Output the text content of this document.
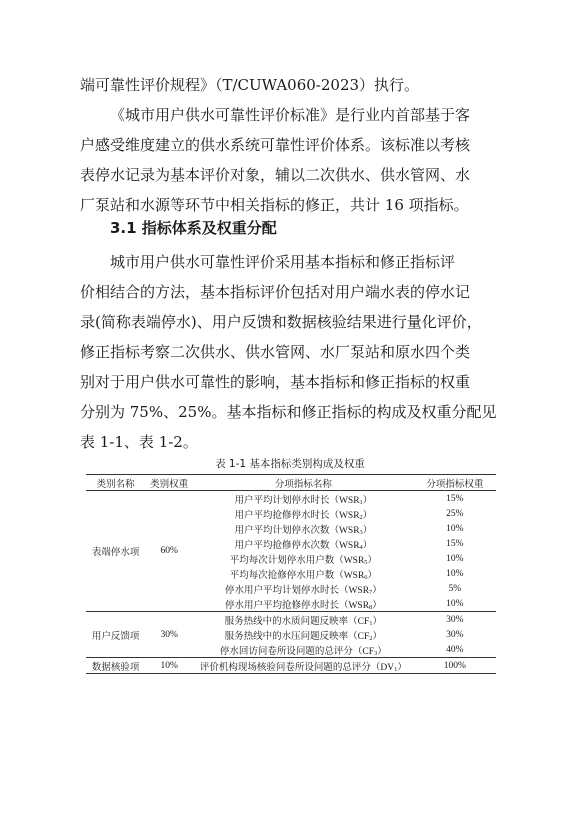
端可靠性评价规程》（T/CUWA060-2023）执行。
《城市用户供水可靠性评价标准》是行业内首部基于客
户感受维度建立的供水系统可靠性评价体系。该标准以考核
表停水记录为基本评价对象，辅以二次供水、供水管网、水
厂泵站和水源等环节中相关指标的修正，共计 16 项指标。
3.1 指标体系及权重分配
城市用户供水可靠性评价采用基本指标和修正指标评
价相结合的方法，基本指标评价包括对用户端水表的停水记
录(简称表端停水)、用户反馈和数据核验结果进行量化评价，
修正指标考察二次供水、供水管网、水厂泵站和原水四个类
别对于用户供水可靠性的影响，基本指标和修正指标的权重
分别为 75%、25%。基本指标和修正指标的构成及权重分配见
表 1-1、表 1-2。
表 1-1 基本指标类别构成及权重
类别名称	类别权重	分项指标名称	分项指标权重
表端停水项	60%	用户平均计划停水时长$(WSR_1)$	15%
		用户平均抢修停水时长$(WSR_2)$	25%
		用户平均计划停水次数$(WSR_3)$	10%
		用户平均抢修停水次数$(WSR_4)$	15%
		平均每次计划停水用户数$(WSR_5)$	10%
		平均每次抢修停水用户数$(WSR_6)$	10%
		停水用户平均计划停水时长$(WSR_7)$	5%
		停水用户平均抢修停水时长$(WSR_8)$	10%
用户反馈项	30%	服务热线中的水质问题反映率$(CF_1)$	30%
		服务热线中的水压问题反映率$(CF_2)$	30%
		停水回访问卷所设问题的总评分$(CF_3)$	40%
数据核验项	10%	评价机构现场核验问卷所设问题的总评分$(DV_1)$	100%
